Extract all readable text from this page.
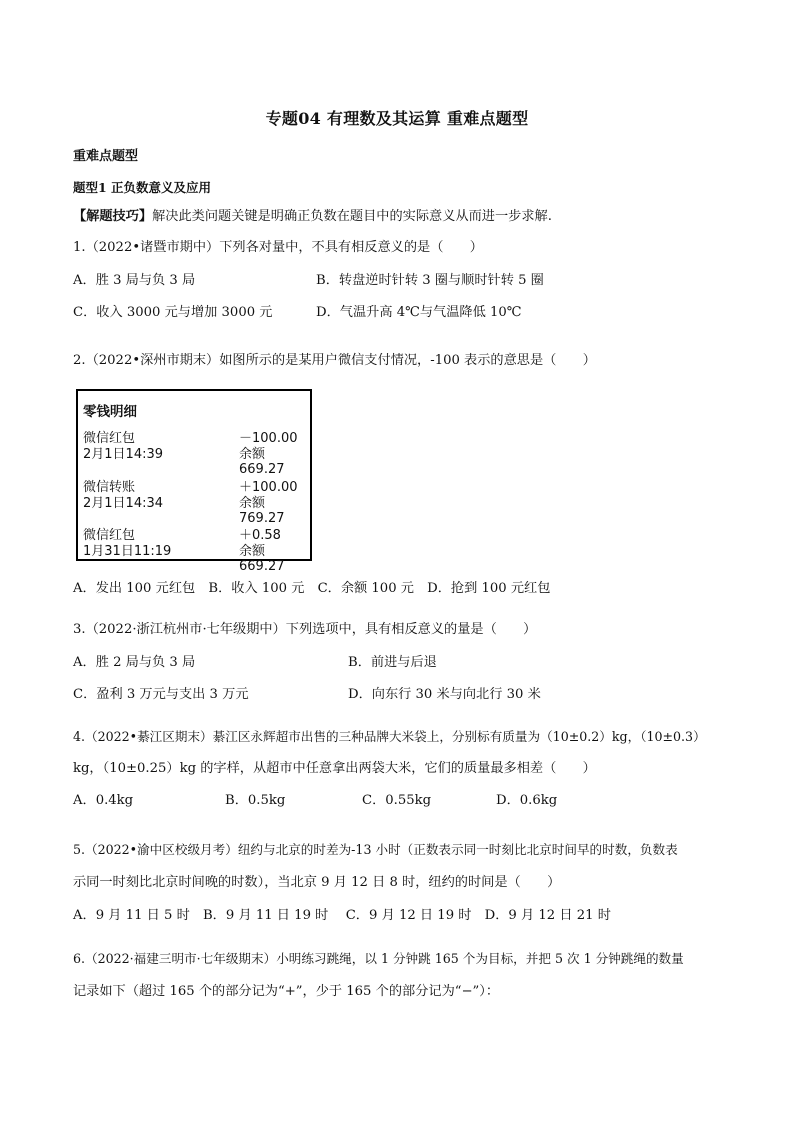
专题04 有理数及其运算 重难点题型
重难点题型
题型1 正负数意义及应用
【解题技巧】解决此类问题关键是明确正负数在题目中的实际意义从而进一步求解.
1.（2022•诸暨市期中）下列各对量中，不具有相反意义的是（　　）
A．胜 3 局与负 3 局	B．转盘逆时针转 3 圈与顺时针转 5 圈
C．收入 3000 元与增加 3000 元	D．气温升高 4℃与气温降低 10℃
2.（2022•深州市期末）如图所示的是某用户微信支付情况，-100 表示的意思是（　　）
零钱明细
微信红包	－100.00
2月1日14:39	余额669.27
微信转账	＋100.00
2月1日14:34	余额769.27
微信红包	＋0.58
1月31日11:19	余额669.27
A．发出 100 元红包　B．收入 100 元　C．余额 100 元　D．抢到 100 元红包
3.（2022·浙江杭州市·七年级期中）下列选项中，具有相反意义的量是（　　）
A．胜 2 局与负 3 局	B．前进与后退
C．盈利 3 万元与支出 3 万元	D．向东行 30 米与向北行 30 米
4.（2022•綦江区期末）綦江区永辉超市出售的三种品牌大米袋上，分别标有质量为（10±0.2）kg，（10±0.3）
kg，（10±0.25）kg 的字样，从超市中任意拿出两袋大米，它们的质量最多相差（　　）
A．0.4kg	B．0.5kg	C．0.55kg	D．0.6kg
5.（2022•渝中区校级月考）纽约与北京的时差为-13 小时（正数表示同一时刻比北京时间早的时数，负数表
示同一时刻比北京时间晚的时数），当北京 9 月 12 日 8 时，纽约的时间是（　　）
A．9 月 11 日 5 时　B．9 月 11 日 19 时　 C．9 月 12 日 19 时　D．9 月 12 日 21 时
6.（2022·福建三明市·七年级期末）小明练习跳绳，以 1 分钟跳 165 个为目标，并把 5 次 1 分钟跳绳的数量
记录如下（超过 165 个的部分记为“+”，少于 165 个的部分记为“−”）：
